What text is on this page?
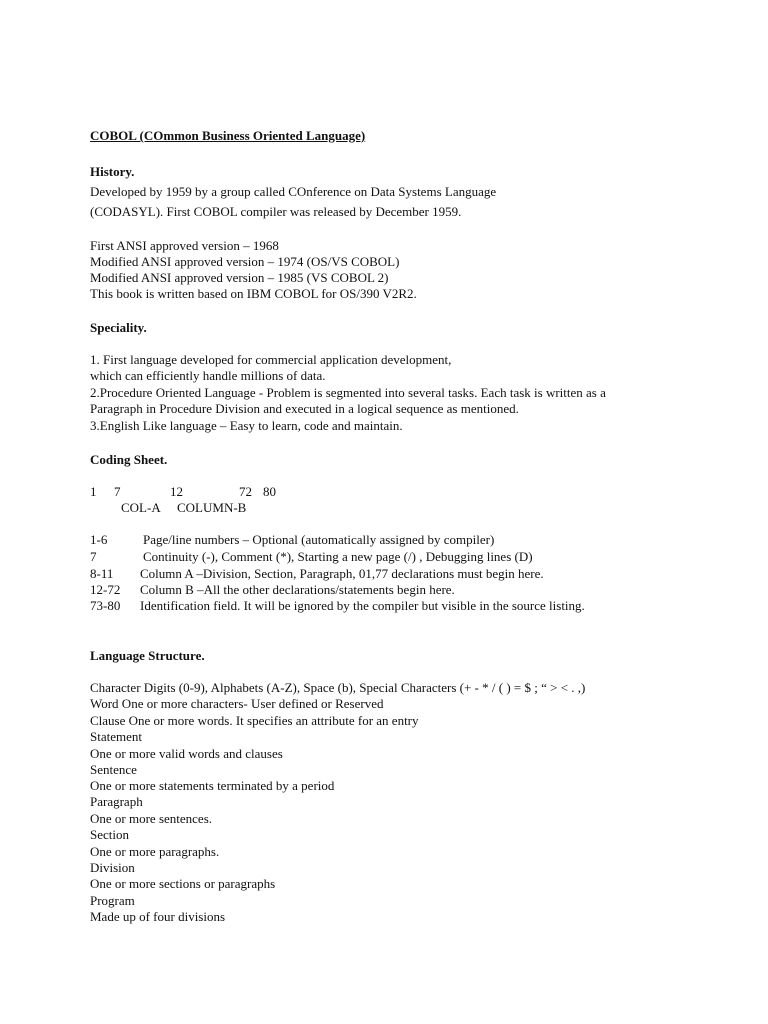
COBOL (COmmon Business Oriented Language)
History.
Developed by 1959 by a group called COnference on Data Systems Language
(CODASYL). First COBOL compiler was released by December 1959.
First ANSI approved version – 1968
Modified ANSI approved version – 1974 (OS/VS COBOL)
Modified ANSI approved version – 1985 (VS COBOL 2)
This book is written based on IBM COBOL for OS/390 V2R2.
Speciality.
1. First language developed for commercial application development,
which can efficiently handle millions of data.
2.Procedure Oriented Language - Problem is segmented into several tasks. Each task is written as a
Paragraph in Procedure Division and executed in a logical sequence as mentioned.
3.English Like language – Easy to learn, code and maintain.
Coding Sheet.
1 7	12	72 80
COL-A COLUMN-B
1-6	Page/line numbers – Optional (automatically assigned by compiler)
7	Continuity (-), Comment (*), Starting a new page (/) , Debugging lines (D)
8-11 Column A –Division, Section, Paragraph, 01,77 declarations must begin here.
12-72 Column B –All the other declarations/statements begin here.
73-80 Identification field. It will be ignored by the compiler but visible in the source listing.
Language Structure.
Character Digits (0-9), Alphabets (A-Z), Space (b), Special Characters (+ - * / ( ) = $ ; “ > < . ,)
Word One or more characters- User defined or Reserved
Clause One or more words. It specifies an attribute for an entry
Statement
One or more valid words and clauses
Sentence
One or more statements terminated by a period
Paragraph
One or more sentences.
Section
One or more paragraphs.
Division
One or more sections or paragraphs
Program
Made up of four divisions
